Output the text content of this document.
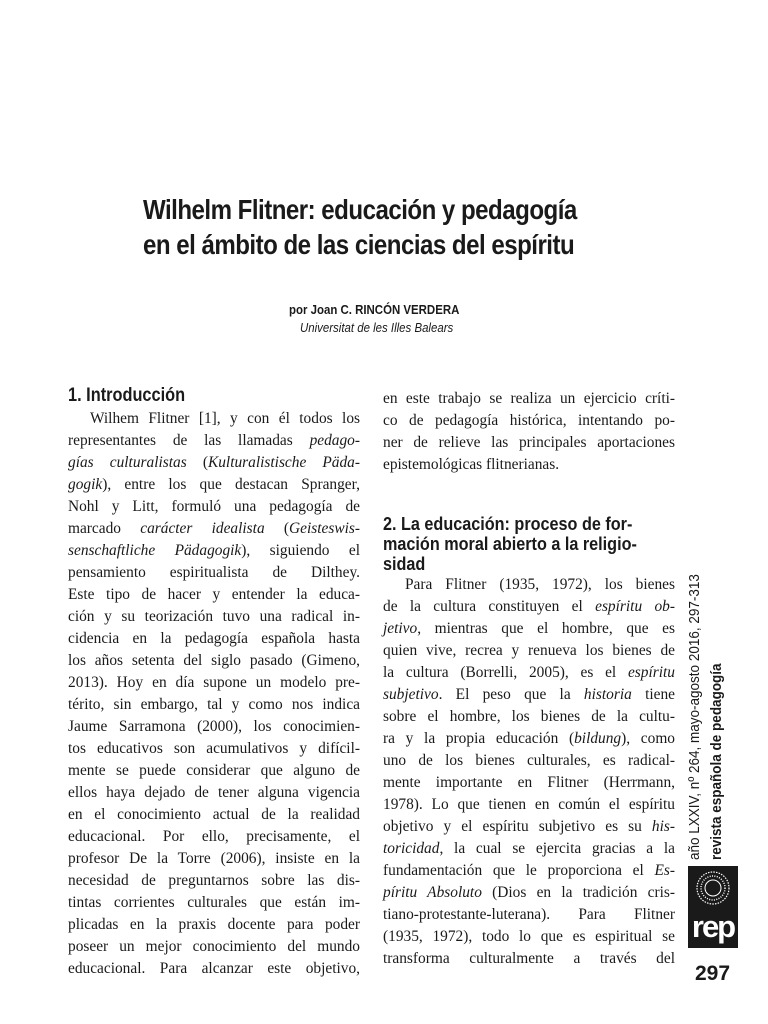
Wilhelm Flitner: educación y pedagogía
en el ámbito de las ciencias del espíritu
por Joan C. RINCÓN VERDERA
Universitat de les Illes Balears
1. Introducción
Wilhem Flitner [1], y con él todos los
representantes de las llamadas pedago-
gías culturalistas (Kulturalistische Päda-
gogik), entre los que destacan Spranger,
Nohl y Litt, formuló una pedagogía de
marcado carácter idealista (Geisteswis-
senschaftliche Pädagogik), siguiendo el
pensamiento espiritualista de Dilthey.
Este tipo de hacer y entender la educa-
ción y su teorización tuvo una radical in-
cidencia en la pedagogía española hasta
los años setenta del siglo pasado (Gimeno,
2013). Hoy en día supone un modelo pre-
térito, sin embargo, tal y como nos indica
Jaume Sarramona (2000), los conocimien-
tos educativos son acumulativos y difícil-
mente se puede considerar que alguno de
ellos haya dejado de tener alguna vigencia
en el conocimiento actual de la realidad
educacional. Por ello, precisamente, el
profesor De la Torre (2006), insiste en la
necesidad de preguntarnos sobre las dis-
tintas corrientes culturales que están im-
plicadas en la praxis docente para poder
poseer un mejor conocimiento del mundo
educacional. Para alcanzar este objetivo,
en este trabajo se realiza un ejercicio críti-
co de pedagogía histórica, intentando po-
ner de relieve las principales aportaciones
epistemológicas flitnerianas.
2. La educación: proceso de for-
mación moral abierto a la religio-
sidad
Para Flitner (1935, 1972), los bienes
de la cultura constituyen el espíritu ob-
jetivo, mientras que el hombre, que es
quien vive, recrea y renueva los bienes de
la cultura (Borrelli, 2005), es el espíritu
subjetivo. El peso que la historia tiene
sobre el hombre, los bienes de la cultu-
ra y la propia educación (bildung), como
uno de los bienes culturales, es radical-
mente importante en Flitner (Herrmann,
1978). Lo que tienen en común el espíritu
objetivo y el espíritu subjetivo es su his-
toricidad, la cual se ejercita gracias a la
fundamentación que le proporciona el Es-
píritu Absoluto (Dios en la tradición cris-
tiano-protestante-luterana). Para Flitner
(1935, 1972), todo lo que es espiritual se
transforma culturalmente a través del
año LXXIV, nº 264, mayo-agosto 2016, 297-313 revista española de pedagogía
rep
297
